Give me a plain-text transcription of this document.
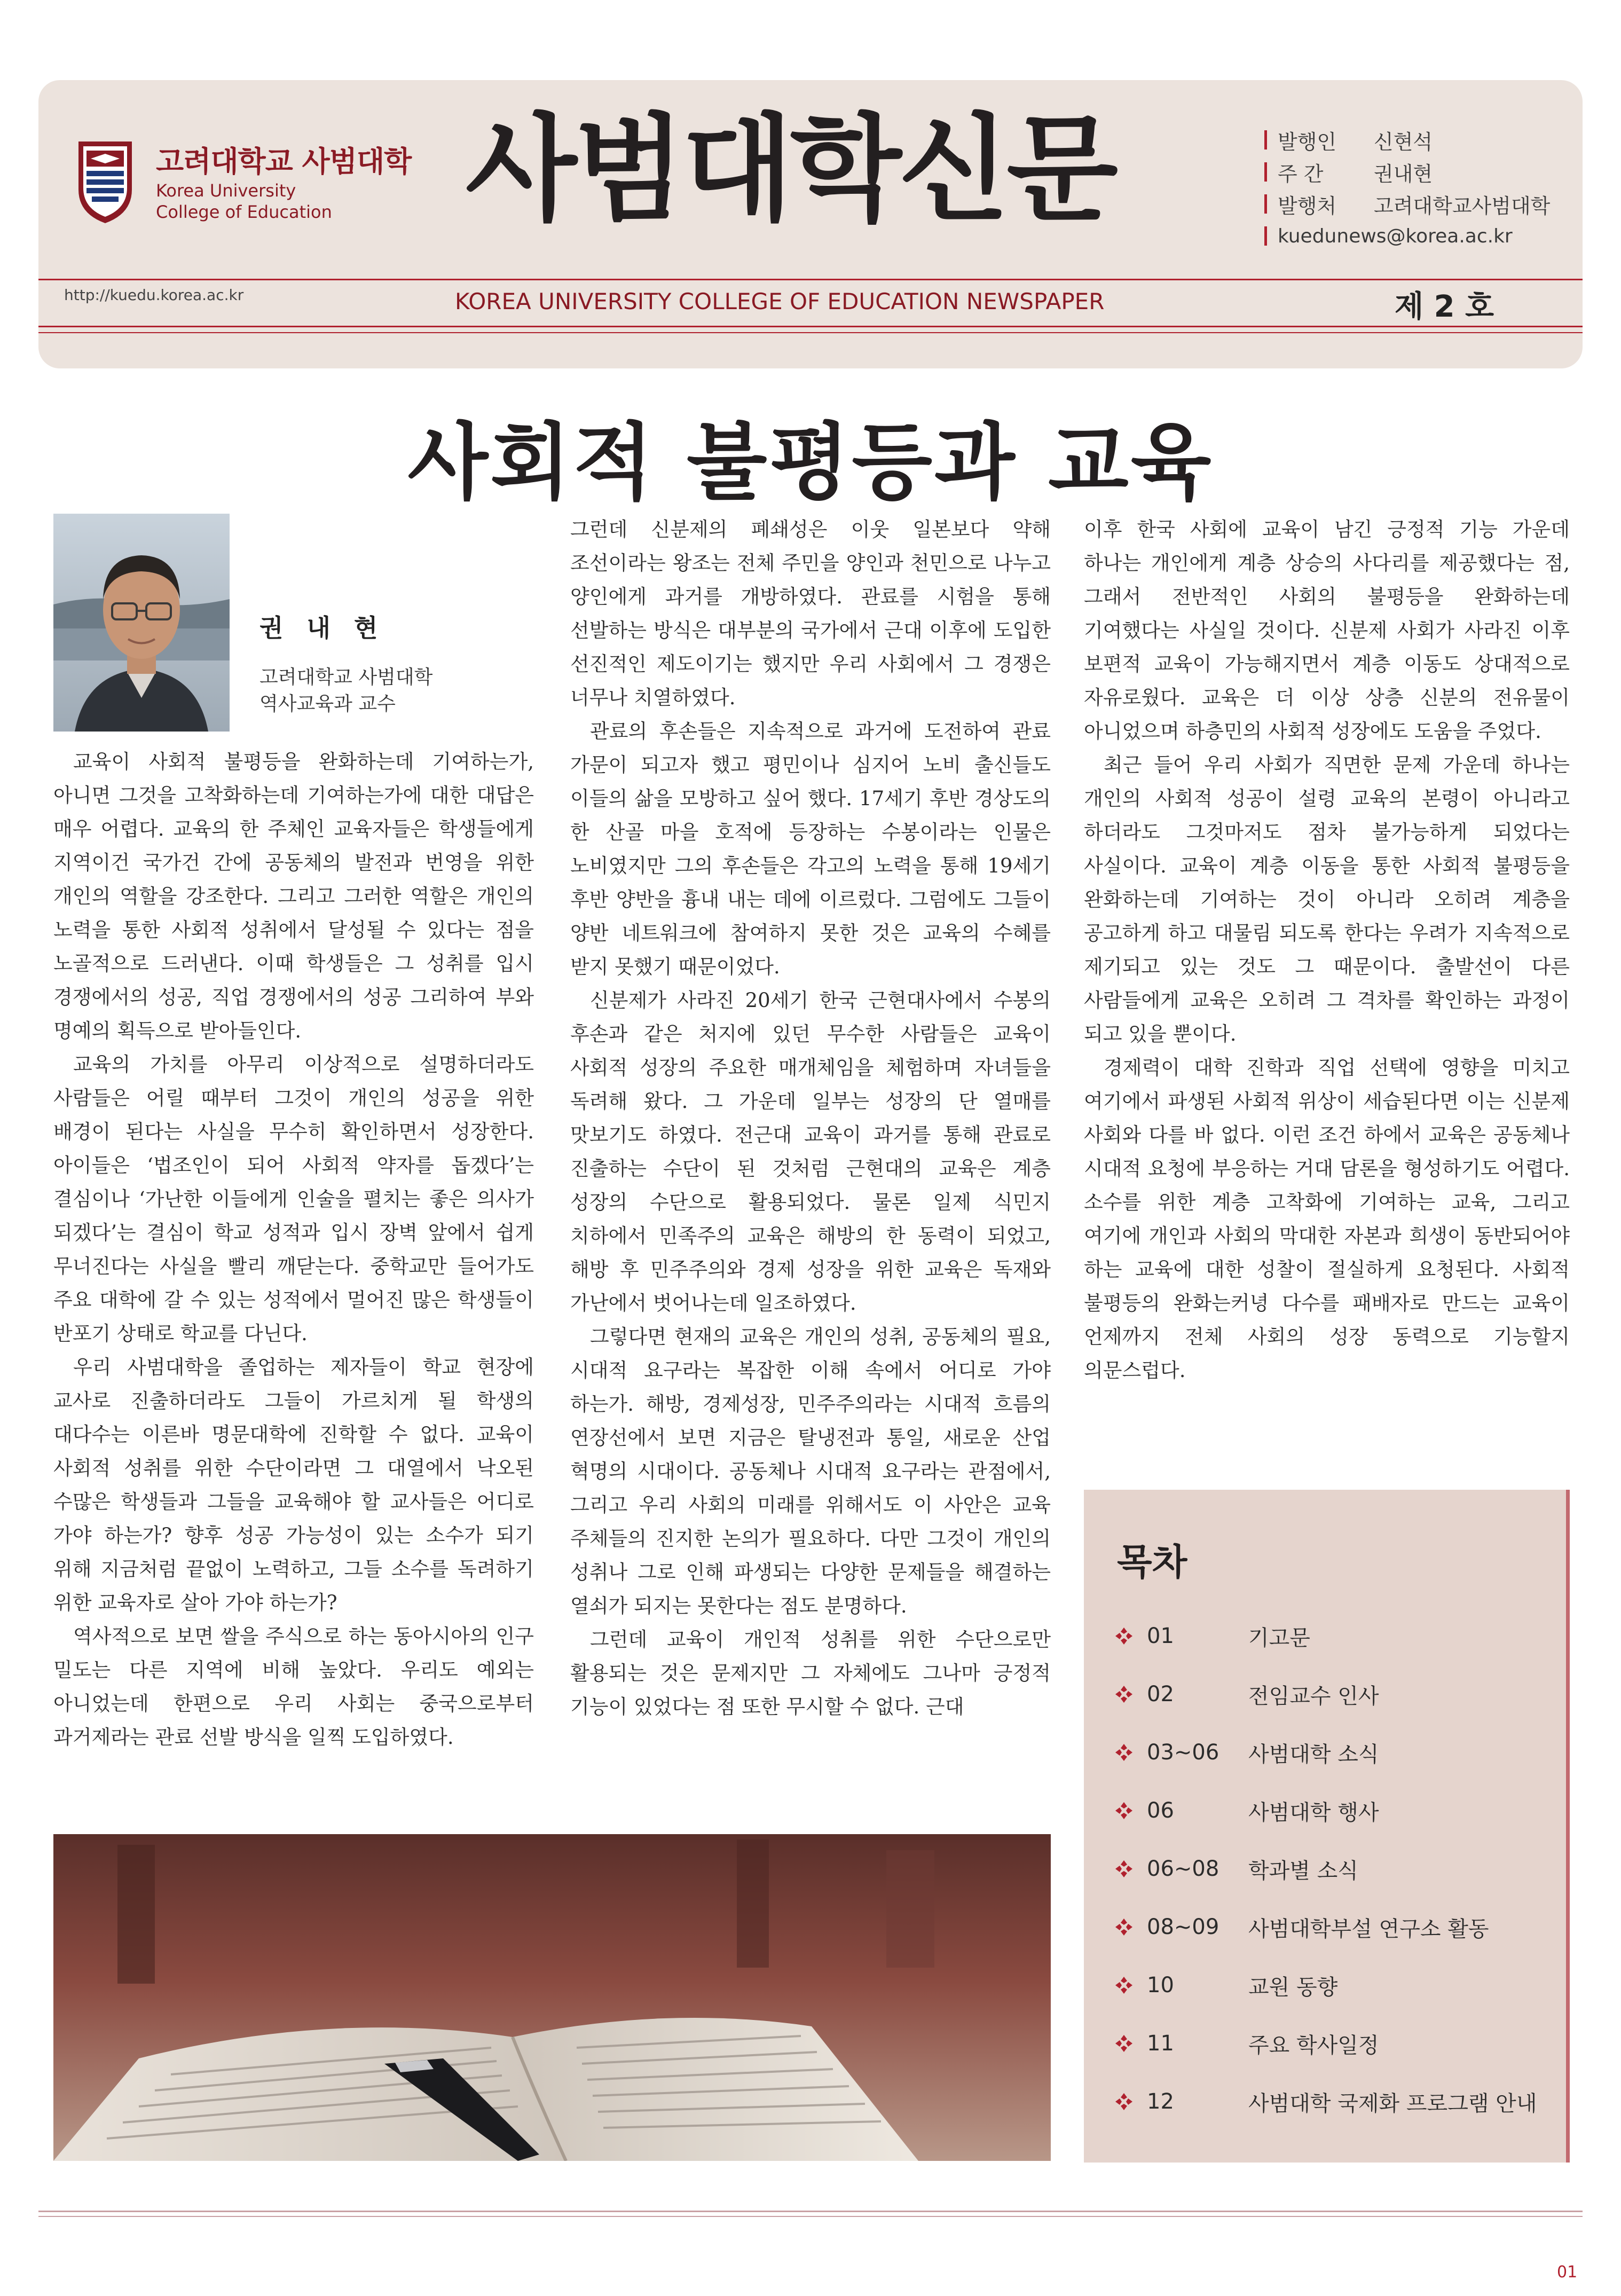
고려대학교 사범대학
Korea University
College of Education 사범대학신문	발행인	신현석
주 간	권내현
발행처	고려대학교사범대학
kuedunews@korea.ac.kr
http://kuedu.korea.ac.kr	KOREA UNIVERSITY COLLEGE OF EDUCATION NEWSPAPER	제 2 호
사회적 불평등과 교육
권 내 현
고려대학교 사범대학
역사교육과 교수

교육이 사회적 불평등을 완화하는데 기여하는가, 아니면 그것을 고착화하는데 기여하는가에 대한 대답은 매우 어렵다. 교육의 한 주체인 교육자들은 학생들에게 지역이건 국가건 간에 공동체의 발전과 번영을 위한 개인의 역할을 강조한다. 그리고 그러한 역할은 개인의 노력을 통한 사회적 성취에서 달성될 수 있다는 점을 노골적으로 드러낸다. 이때 학생들은 그 성취를 입시 경쟁에서의 성공, 직업 경쟁에서의 성공 그리하여 부와 명예의 획득으로 받아들인다.

교육의 가치를 아무리 이상적으로 설명하더라도 사람들은 어릴 때부터 그것이 개인의 성공을 위한 배경이 된다는 사실을 무수히 확인하면서 성장한다. 아이들은 ‘법조인이 되어 사회적 약자를 돕겠다’는 결심이나 ‘가난한 이들에게 인술을 펼치는 좋은 의사가 되겠다’는 결심이 학교 성적과 입시 장벽 앞에서 쉽게 무너진다는 사실을 빨리 깨닫는다. 중학교만 들어가도 주요 대학에 갈 수 있는 성적에서 멀어진 많은 학생들이 반포기 상태로 학교를 다닌다.

우리 사범대학을 졸업하는 제자들이 학교 현장에 교사로 진출하더라도 그들이 가르치게 될 학생의 대다수는 이른바 명문대학에 진학할 수 없다. 교육이 사회적 성취를 위한 수단이라면 그 대열에서 낙오된 수많은 학생들과 그들을 교육해야 할 교사들은 어디로 가야 하는가? 향후 성공 가능성이 있는 소수가 되기 위해 지금처럼 끝없이 노력하고, 그들 소수를 독려하기 위한 교육자로 살아 가야 하는가?

역사적으로 보면 쌀을 주식으로 하는 동아시아의 인구 밀도는 다른 지역에 비해 높았다. 우리도 예외는 아니었는데 한편으로 우리 사회는 중국으로부터 과거제라는 관료 선발 방식을 일찍 도입하였다.

그런데 신분제의 폐쇄성은 이웃 일본보다 약해 조선이라는 왕조는 전체 주민을 양인과 천민으로 나누고 양인에게 과거를 개방하였다. 관료를 시험을 통해 선발하는 방식은 대부분의 국가에서 근대 이후에 도입한 선진적인 제도이기는 했지만 우리 사회에서 그 경쟁은 너무나 치열하였다.

관료의 후손들은 지속적으로 과거에 도전하여 관료 가문이 되고자 했고 평민이나 심지어 노비 출신들도 이들의 삶을 모방하고 싶어 했다. 17세기 후반 경상도의 한 산골 마을 호적에 등장하는 수봉이라는 인물은 노비였지만 그의 후손들은 각고의 노력을 통해 19세기 후반 양반을 흉내 내는 데에 이르렀다. 그럼에도 그들이 양반 네트워크에 참여하지 못한 것은 교육의 수혜를 받지 못했기 때문이었다.

신분제가 사라진 20세기 한국 근현대사에서 수봉의 후손과 같은 처지에 있던 무수한 사람들은 교육이 사회적 성장의 주요한 매개체임을 체험하며 자녀들을 독려해 왔다. 그 가운데 일부는 성장의 단 열매를 맛보기도 하였다. 전근대 교육이 과거를 통해 관료로 진출하는 수단이 된 것처럼 근현대의 교육은 계층 성장의 수단으로 활용되었다. 물론 일제 식민지 치하에서 민족주의 교육은 해방의 한 동력이 되었고, 해방 후 민주주의와 경제 성장을 위한 교육은 독재와 가난에서 벗어나는데 일조하였다.

그렇다면 현재의 교육은 개인의 성취, 공동체의 필요, 시대적 요구라는 복잡한 이해 속에서 어디로 가야 하는가. 해방, 경제성장, 민주주의라는 시대적 흐름의 연장선에서 보면 지금은 탈냉전과 통일, 새로운 산업 혁명의 시대이다. 공동체나 시대적 요구라는 관점에서, 그리고 우리 사회의 미래를 위해서도 이 사안은 교육 주체들의 진지한 논의가 필요하다. 다만 그것이 개인의 성취나 그로 인해 파생되는 다양한 문제들을 해결하는 열쇠가 되지는 못한다는 점도 분명하다.

그런데 교육이 개인적 성취를 위한 수단으로만 활용되는 것은 문제지만 그 자체에도 그나마 긍정적 기능이 있었다는 점 또한 무시할 수 없다. 근대

이후 한국 사회에 교육이 남긴 긍정적 기능 가운데 하나는 개인에게 계층 상승의 사다리를 제공했다는 점, 그래서 전반적인 사회의 불평등을 완화하는데 기여했다는 사실일 것이다. 신분제 사회가 사라진 이후 보편적 교육이 가능해지면서 계층 이동도 상대적으로 자유로웠다. 교육은 더 이상 상층 신분의 전유물이 아니었으며 하층민의 사회적 성장에도 도움을 주었다.

최근 들어 우리 사회가 직면한 문제 가운데 하나는 개인의 사회적 성공이 설령 교육의 본령이 아니라고 하더라도 그것마저도 점차 불가능하게 되었다는 사실이다. 교육이 계층 이동을 통한 사회적 불평등을 완화하는데 기여하는 것이 아니라 오히려 계층을 공고하게 하고 대물림 되도록 한다는 우려가 지속적으로 제기되고 있는 것도 그 때문이다. 출발선이 다른 사람들에게 교육은 오히려 그 격차를 확인하는 과정이 되고 있을 뿐이다.

경제력이 대학 진학과 직업 선택에 영향을 미치고 여기에서 파생된 사회적 위상이 세습된다면 이는 신분제 사회와 다를 바 없다. 이런 조건 하에서 교육은 공동체나 시대적 요청에 부응하는 거대 담론을 형성하기도 어렵다. 소수를 위한 계층 고착화에 기여하는 교육, 그리고 여기에 개인과 사회의 막대한 자본과 희생이 동반되어야 하는 교육에 대한 성찰이 절실하게 요청된다. 사회적 불평등의 완화는커녕 다수를 패배자로 만드는 교육이 언제까지 전체 사회의 성장 동력으로 기능할지 의문스럽다.

목차
01	기고문
02	전임교수 인사
03~06	사범대학 소식
06	사범대학 행사
06~08	학과별 소식
08~09	사범대학부설 연구소 활동
10	교원 동향
11	주요 학사일정
12	사범대학 국제화 프로그램 안내
01
